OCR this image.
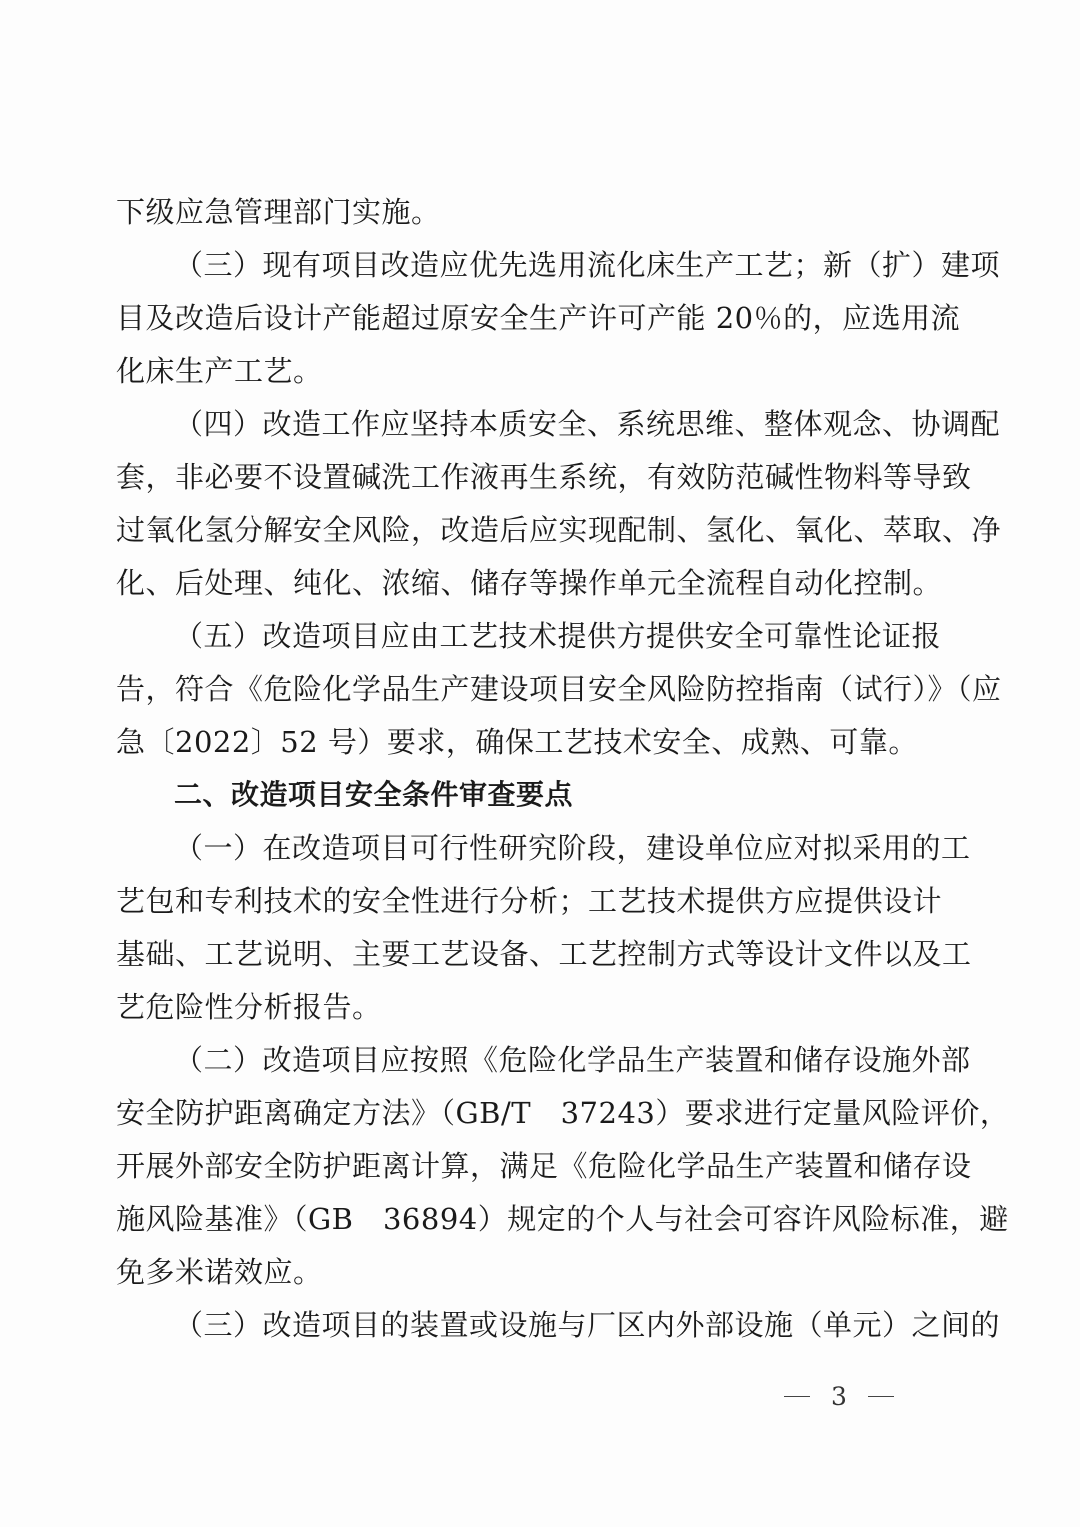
下级应急管理部门实施。
（三）现有项目改造应优先选用流化床生产工艺；新（扩）建项
目及改造后设计产能超过原安全生产许可产能 20％的，应选用流
化床生产工艺。
（四）改造工作应坚持本质安全、系统思维、整体观念、协调配
套，非必要不设置碱洗工作液再生系统，有效防范碱性物料等导致
过氧化氢分解安全风险，改造后应实现配制、氢化、氧化、萃取、净
化、后处理、纯化、浓缩、储存等操作单元全流程自动化控制。
（五）改造项目应由工艺技术提供方提供安全可靠性论证报
告，符合《危险化学品生产建设项目安全风险防控指南（试行）》（应
急〔2022〕52 号）要求，确保工艺技术安全、成熟、可靠。
二、改造项目安全条件审查要点
（一）在改造项目可行性研究阶段，建设单位应对拟采用的工
艺包和专利技术的安全性进行分析；工艺技术提供方应提供设计
基础、工艺说明、主要工艺设备、工艺控制方式等设计文件以及工
艺危险性分析报告。
（二）改造项目应按照《危险化学品生产装置和储存设施外部
安全防护距离确定方法》（GB/T　37243）要求进行定量风险评价，
开展外部安全防护距离计算，满足《危险化学品生产装置和储存设
施风险基准》（GB　36894）规定的个人与社会可容许风险标准，避
免多米诺效应。
（三）改造项目的装置或设施与厂区内外部设施（单元）之间的
3
